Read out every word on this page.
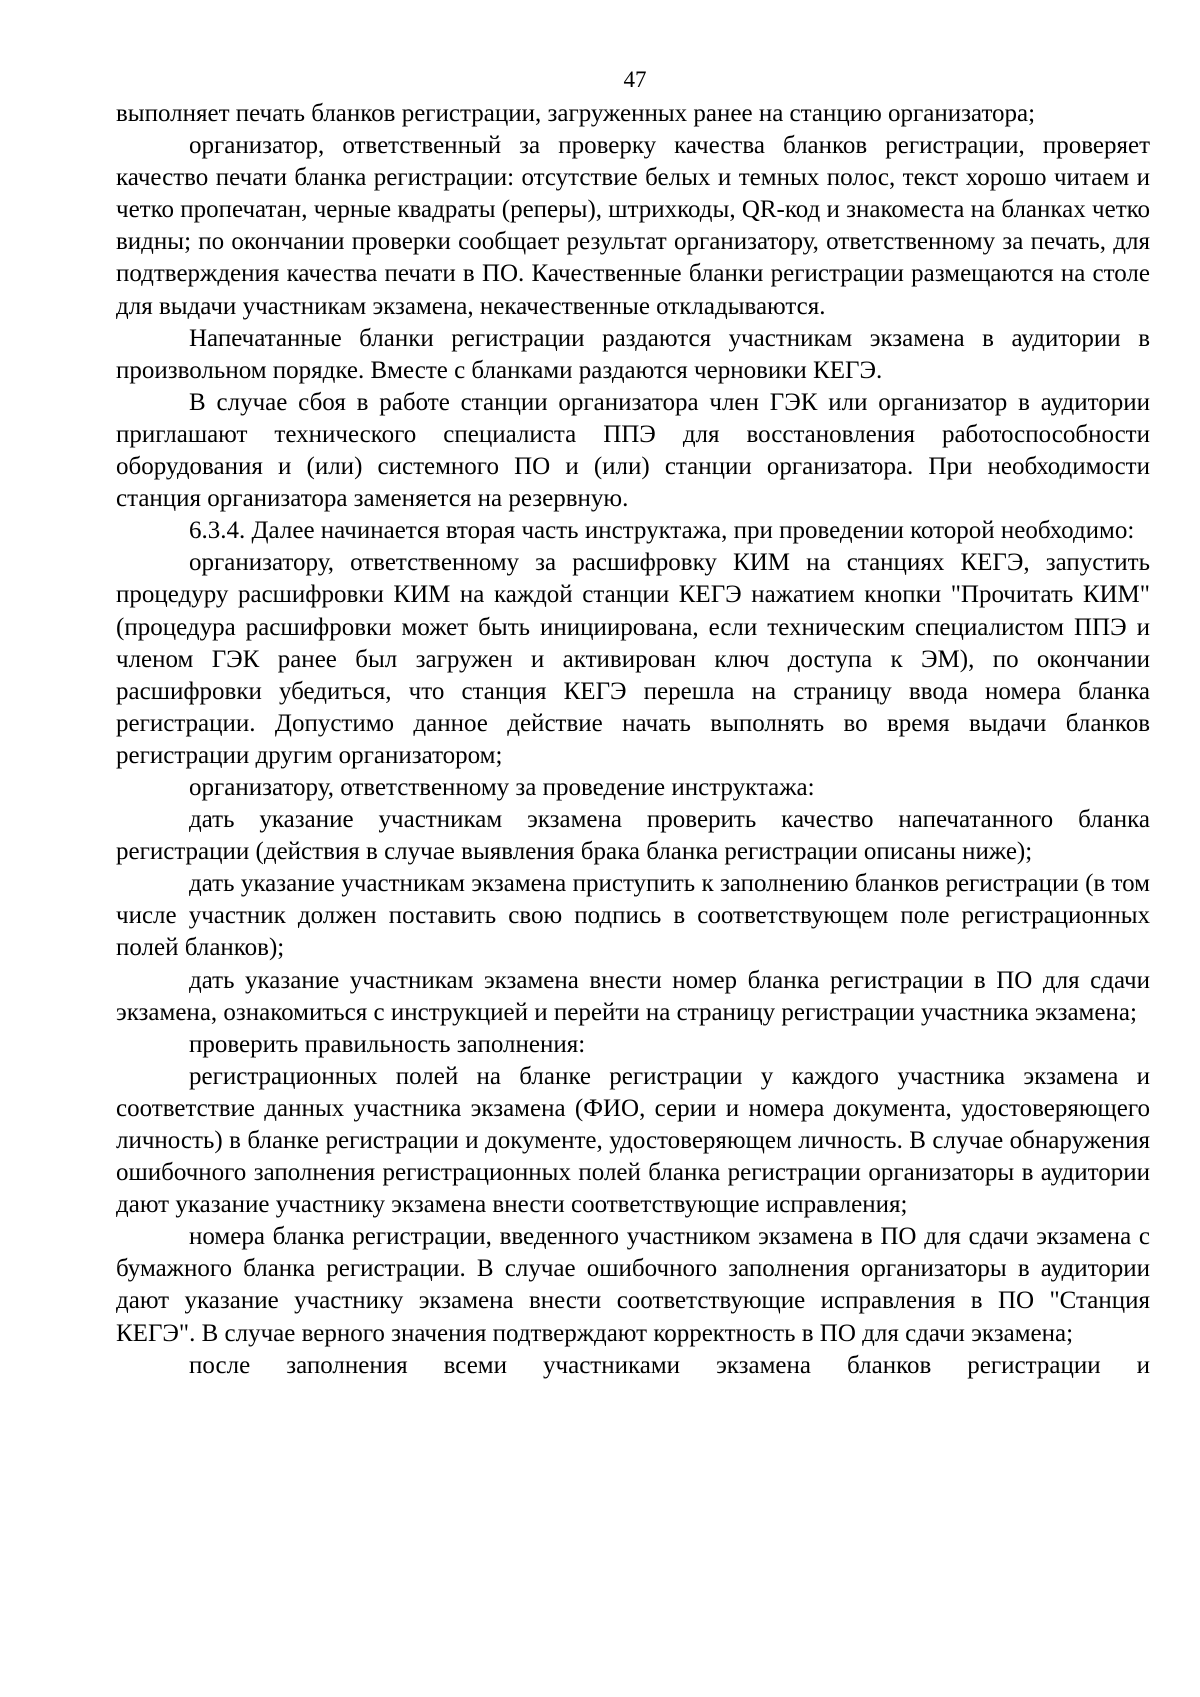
47

выполняет печать бланков регистрации, загруженных ранее на станцию организатора;

организатор, ответственный за проверку качества бланков регистрации, проверяет качество печати бланка регистрации: отсутствие белых и темных полос, текст хорошо читаем и четко пропечатан, черные квадраты (реперы), штрихкоды, QR-код и знакоместа на бланках четко видны; по окончании проверки сообщает результат организатору, ответственному за печать, для подтверждения качества печати в ПО. Качественные бланки регистрации размещаются на столе для выдачи участникам экзамена, некачественные откладываются.

Напечатанные бланки регистрации раздаются участникам экзамена в аудитории в произвольном порядке. Вместе с бланками раздаются черновики КЕГЭ.

В случае сбоя в работе станции организатора член ГЭК или организатор в аудитории приглашают технического специалиста ППЭ для восстановления работоспособности оборудования и (или) системного ПО и (или) станции организатора. При необходимости станция организатора заменяется на резервную.

6.3.4. Далее начинается вторая часть инструктажа, при проведении которой необходимо:

организатору, ответственному за расшифровку КИМ на станциях КЕГЭ, запустить процедуру расшифровки КИМ на каждой станции КЕГЭ нажатием кнопки "Прочитать КИМ" (процедура расшифровки может быть инициирована, если техническим специалистом ППЭ и членом ГЭК ранее был загружен и активирован ключ доступа к ЭМ), по окончании расшифровки убедиться, что станция КЕГЭ перешла на страницу ввода номера бланка регистрации. Допустимо данное действие начать выполнять во время выдачи бланков регистрации другим организатором;

организатору, ответственному за проведение инструктажа:

дать указание участникам экзамена проверить качество напечатанного бланка регистрации (действия в случае выявления брака бланка регистрации описаны ниже);

дать указание участникам экзамена приступить к заполнению бланков регистрации (в том числе участник должен поставить свою подпись в соответствующем поле регистрационных полей бланков);

дать указание участникам экзамена внести номер бланка регистрации в ПО для сдачи экзамена, ознакомиться с инструкцией и перейти на страницу регистрации участника экзамена;

проверить правильность заполнения:

регистрационных полей на бланке регистрации у каждого участника экзамена и соответствие данных участника экзамена (ФИО, серии и номера документа, удостоверяющего личность) в бланке регистрации и документе, удостоверяющем личность. В случае обнаружения ошибочного заполнения регистрационных полей бланка регистрации организаторы в аудитории дают указание участнику экзамена внести соответствующие исправления;

номера бланка регистрации, введенного участником экзамена в ПО для сдачи экзамена с бумажного бланка регистрации. В случае ошибочного заполнения организаторы в аудитории дают указание участнику экзамена внести соответствующие исправления в ПО "Станция КЕГЭ". В случае верного значения подтверждают корректность в ПО для сдачи экзамена;

после заполнения всеми участниками экзамена бланков регистрации и
